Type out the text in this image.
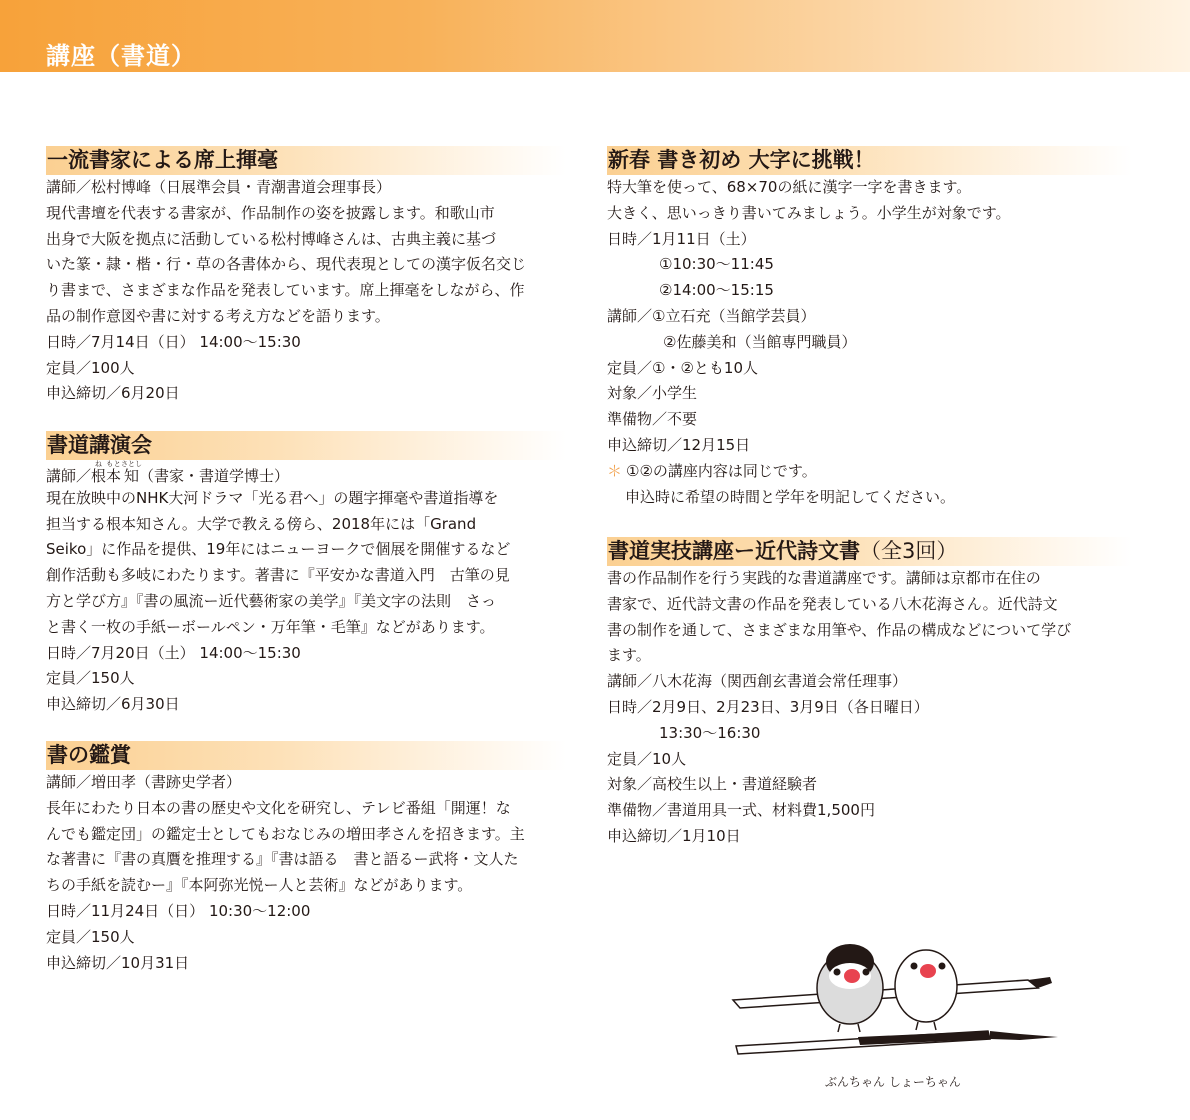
講座（書道）
一流書家による席上揮毫
講師／松村博峰（日展準会員・青潮書道会理事長）
現代書壇を代表する書家が、作品制作の姿を披露します。和歌山市
出身で大阪を拠点に活動している松村博峰さんは、古典主義に基づ
いた篆・隷・楷・行・草の各書体から、現代表現としての漢字仮名交じ
り書まで、さまざまな作品を発表しています。席上揮毫をしながら、作
品の制作意図や書に対する考え方などを語ります。
日時／7月14日（日） 14:00〜15:30
定員／100人
申込締切／6月20日
書道講演会
講師／根ね本もと知さとし（書家・書道学博士）
現在放映中のNHK大河ドラマ「光る君へ」の題字揮毫や書道指導を
担当する根本知さん。大学で教える傍ら、2018年には「Grand
Seiko」に作品を提供、19年にはニューヨークで個展を開催するなど
創作活動も多岐にわたります。著書に『平安かな書道入門　古筆の見
方と学び方』『書の風流ー近代藝術家の美学』『美文字の法則　さっ
と書く一枚の手紙ーボールペン・万年筆・毛筆』などがあります。
日時／7月20日（土） 14:00〜15:30
定員／150人
申込締切／6月30日
書の鑑賞
講師／増田孝（書跡史学者）
長年にわたり日本の書の歴史や文化を研究し、テレビ番組「開運！な
んでも鑑定団」の鑑定士としてもおなじみの増田孝さんを招きます。主
な著書に『書の真贋を推理する』『書は語る　書と語るー武将・文人た
ちの手紙を読むー』『本阿弥光悦ー人と芸術』などがあります。
日時／11月24日（日） 10:30〜12:00
定員／150人
申込締切／10月31日
新春 書き初め 大字に挑戦！
特大筆を使って、68×70の紙に漢字一字を書きます。
大きく、思いっきり書いてみましょう。小学生が対象です。
日時／1月11日（土）
①10:30〜11:45
②14:00〜15:15
講師／①立石充（当館学芸員）
②佐藤美和（当館専門職員）
定員／①・②とも10人
対象／小学生
準備物／不要
申込締切／12月15日
＊ ①②の講座内容は同じです。
申込時に希望の時間と学年を明記してください。
書道実技講座ー近代詩文書（全3回）
書の作品制作を行う実践的な書道講座です。講師は京都市在住の
書家で、近代詩文書の作品を発表している八木花海さん。近代詩文
書の制作を通して、さまざまな用筆や、作品の構成などについて学び
ます。
講師／八木花海（関西創玄書道会常任理事）
日時／2月9日、2月23日、3月9日（各日曜日）
13:30〜16:30
定員／10人
対象／高校生以上・書道経験者
準備物／書道用具一式、材料費1,500円
申込締切／1月10日
ぶんちゃん しょーちゃん
